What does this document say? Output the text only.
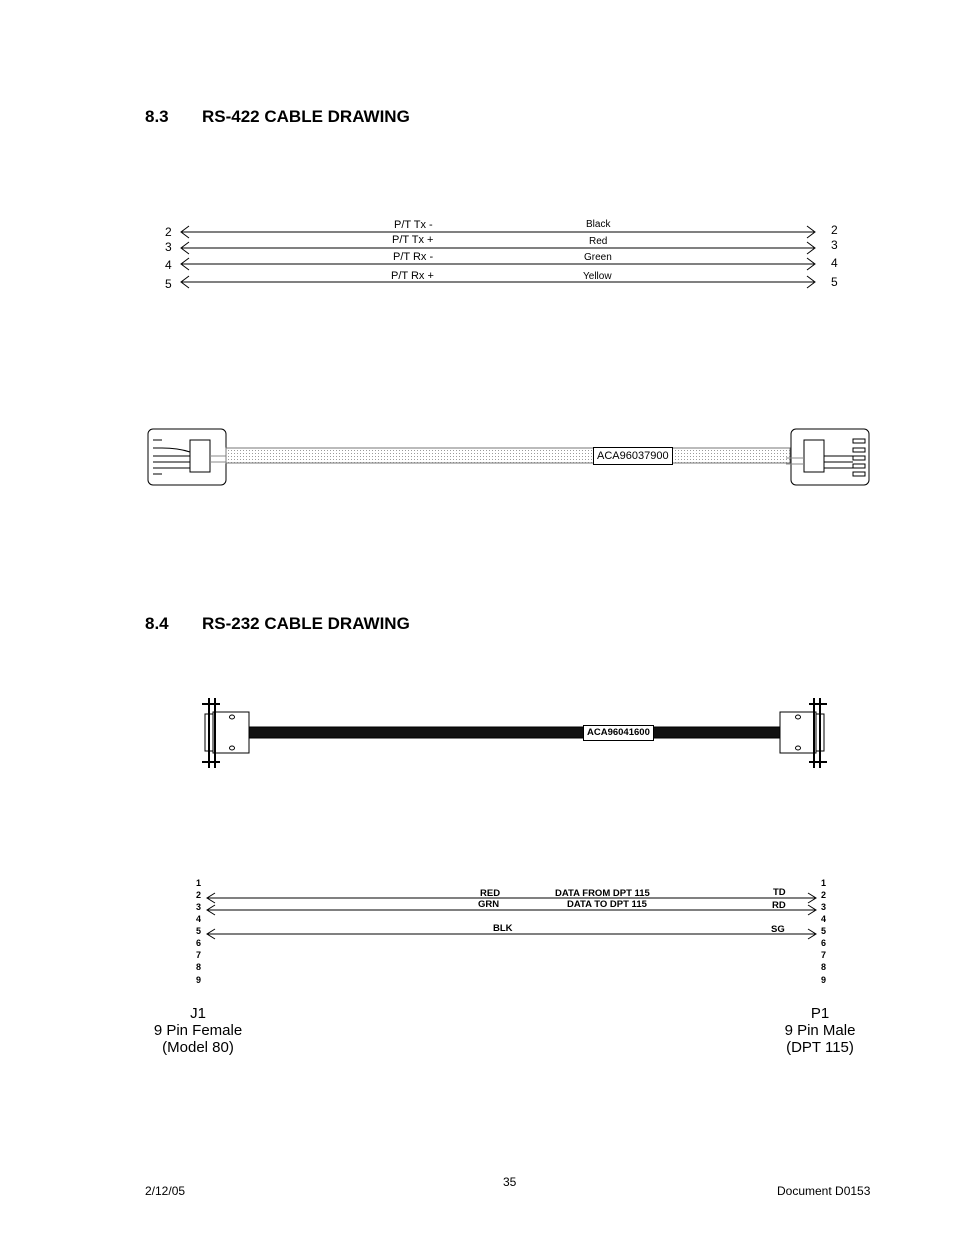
8.3 RS-422 CABLE DRAWING
2
3
4
5
2
3
4
5
P/T Tx -
P/T Tx +
P/T Rx -
P/T Rx +
Black
Red
Green
Yellow
ACA96037900
8.4 RS-232 CABLE DRAWING
ACA96041600
1
2
3
4
5
6
7
8
9
1
2
3
4
5
6
7
8
9
RED
GRN
BLK
DATA FROM DPT 115
DATA TO DPT 115
TD
RD
SG
J1
9 Pin Female
(Model 80)
P1
9 Pin Male
(DPT 115)
2/12/05
35
Document D0153
